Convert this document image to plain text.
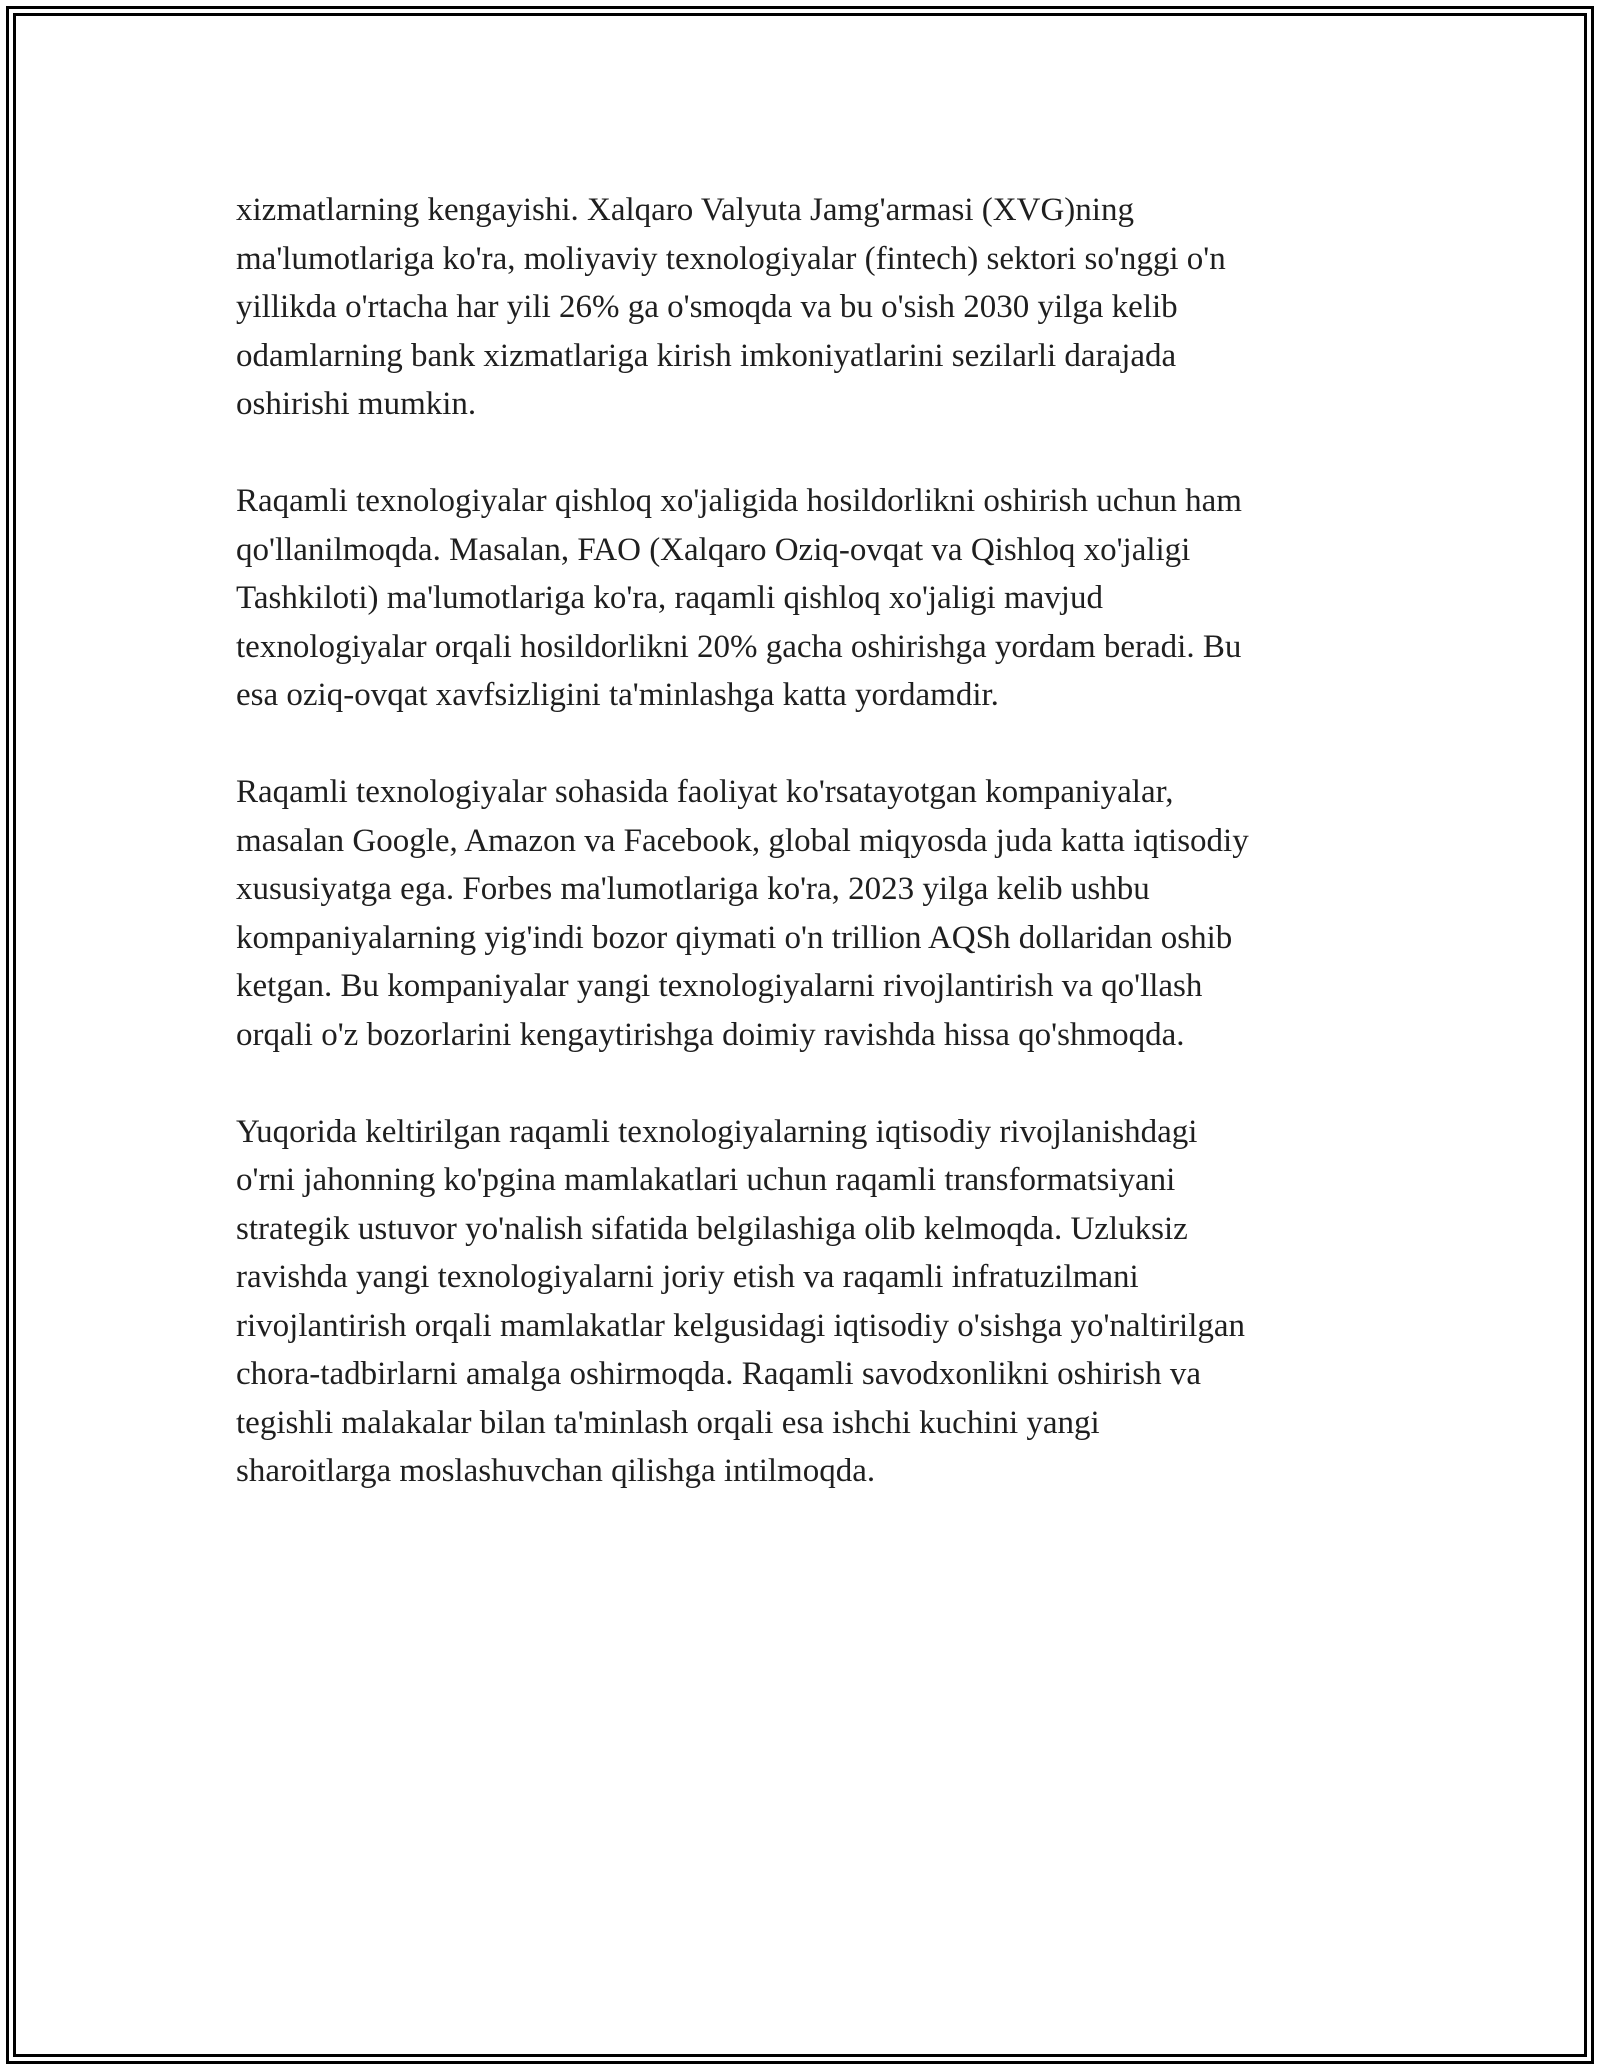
xizmatlarning kengayishi. Xalqaro Valyuta Jamg'armasi (XVG)ning
ma'lumotlariga ko'ra, moliyaviy texnologiyalar (fintech) sektori so'nggi o'n
yillikda o'rtacha har yili 26% ga o'smoqda va bu o'sish 2030 yilga kelib
odamlarning bank xizmatlariga kirish imkoniyatlarini sezilarli darajada
oshirishi mumkin.

Raqamli texnologiyalar qishloq xo'jaligida hosildorlikni oshirish uchun ham
qo'llanilmoqda. Masalan, FAO (Xalqaro Oziq-ovqat va Qishloq xo'jaligi
Tashkiloti) ma'lumotlariga ko'ra, raqamli qishloq xo'jaligi mavjud
texnologiyalar orqali hosildorlikni 20% gacha oshirishga yordam beradi. Bu
esa oziq-ovqat xavfsizligini ta'minlashga katta yordamdir.

Raqamli texnologiyalar sohasida faoliyat ko'rsatayotgan kompaniyalar,
masalan Google, Amazon va Facebook, global miqyosda juda katta iqtisodiy
xususiyatga ega. Forbes ma'lumotlariga ko'ra, 2023 yilga kelib ushbu
kompaniyalarning yig'indi bozor qiymati o'n trillion AQSh dollaridan oshib
ketgan. Bu kompaniyalar yangi texnologiyalarni rivojlantirish va qo'llash
orqali o'z bozorlarini kengaytirishga doimiy ravishda hissa qo'shmoqda.

Yuqorida keltirilgan raqamli texnologiyalarning iqtisodiy rivojlanishdagi
o'rni jahonning ko'pgina mamlakatlari uchun raqamli transformatsiyani
strategik ustuvor yo'nalish sifatida belgilashiga olib kelmoqda. Uzluksiz
ravishda yangi texnologiyalarni joriy etish va raqamli infratuzilmani
rivojlantirish orqali mamlakatlar kelgusidagi iqtisodiy o'sishga yo'naltirilgan
chora-tadbirlarni amalga oshirmoqda. Raqamli savodxonlikni oshirish va
tegishli malakalar bilan ta'minlash orqali esa ishchi kuchini yangi
sharoitlarga moslashuvchan qilishga intilmoqda.
